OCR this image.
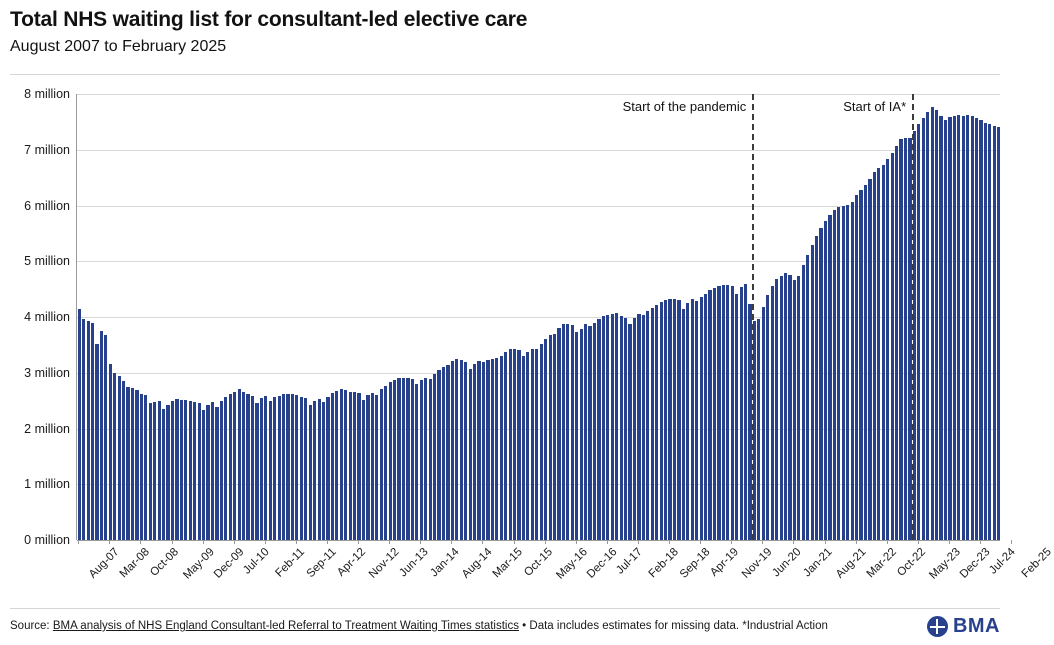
Total NHS waiting list for consultant-led elective care
August 2007 to February 2025
Start of the pandemic	Start of IA*
0 million
1 million
2 million
3 million
4 million
5 million
6 million
7 million
8 million
Aug-07
Mar-08
Oct-08 May-09
Dec-09
Jul-10 Feb-11
Sep-11
Apr-12
Nov-12
Jun-13
Jan-14
Aug-14
Mar-15
Oct-15 May-16
Dec-16
Jul-17 Feb-18
Sep-18
Apr-19
Nov-19
Jun-20
Jan-21
Aug-21
Mar-22
Oct-22 May-23
Dec-23
Jul-24 Feb-25
Source: BMA analysis of NHS England Consultant-led Referral to Treatment Waiting Times statistics • Data includes estimates for missing data. *Industrial Action	BMA
